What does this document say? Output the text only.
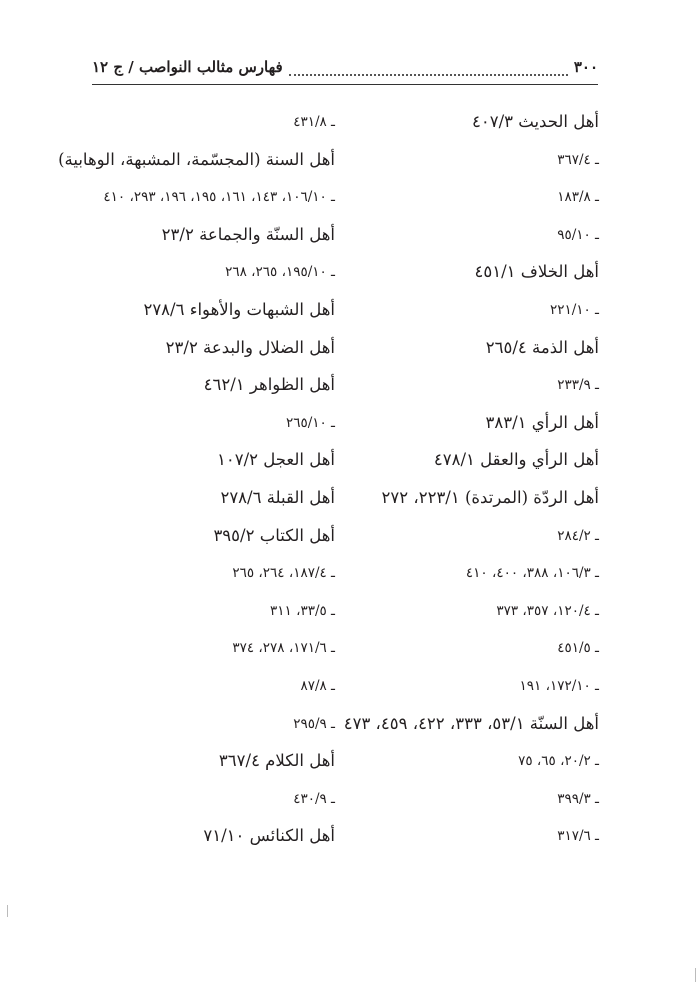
٣٠٠
فهارس مثالب النواصب / ج ١٢
أهل الحديث ٤٠٧/٣
ـ ٣٦٧/٤
ـ ١٨٣/٨
ـ ٩٥/١٠
أهل الخلاف ٤٥١/١
ـ ٢٢١/١٠
أهل الذمة ٢٦٥/٤
ـ ٢٣٣/٩
أهل الرأي ٣٨٣/١
أهل الرأي والعقل ٤٧٨/١
أهل الردّة (المرتدة) ٢٢٣/١، ٢٧٢
ـ ٢٨٤/٢
ـ ١٠٦/٣، ٣٨٨، ٤٠٠، ٤١٠
ـ ١٢٠/٤، ٣٥٧، ٣٧٣
ـ ٤٥١/٥
ـ ١٧٢/١٠، ١٩١
أهل السنّة ٥٣/١، ٣٣٣، ٤٢٢، ٤٥٩، ٤٧٣
ـ ٢٠/٢، ٦٥، ٧٥
ـ ٣٩٩/٣
ـ ٣١٧/٦
ـ ٤٣١/٨
أهل السنة (المجسّمة، المشبهة، الوهابية)
ـ ١٠٦/١٠، ١٤٣، ١٦١، ١٩٥، ١٩٦، ٢٩٣، ٤١٠
أهل السنّة والجماعة ٢٣/٢
ـ ١٩٥/١٠، ٢٦٥، ٢٦٨
أهل الشبهات والأهواء ٢٧٨/٦
أهل الضلال والبدعة ٢٣/٢
أهل الظواهر ٤٦٢/١
ـ ٢٦٥/١٠
أهل العجل ١٠٧/٢
أهل القبلة ٢٧٨/٦
أهل الكتاب ٣٩٥/٢
ـ ١٨٧/٤، ٢٦٤، ٢٦٥
ـ ٣٣/٥، ٣١١
ـ ١٧١/٦، ٢٧٨، ٣٧٤
ـ ٨٧/٨
ـ ٢٩٥/٩
أهل الكلام ٣٦٧/٤
ـ ٤٣٠/٩
أهل الكنائس ٧١/١٠
